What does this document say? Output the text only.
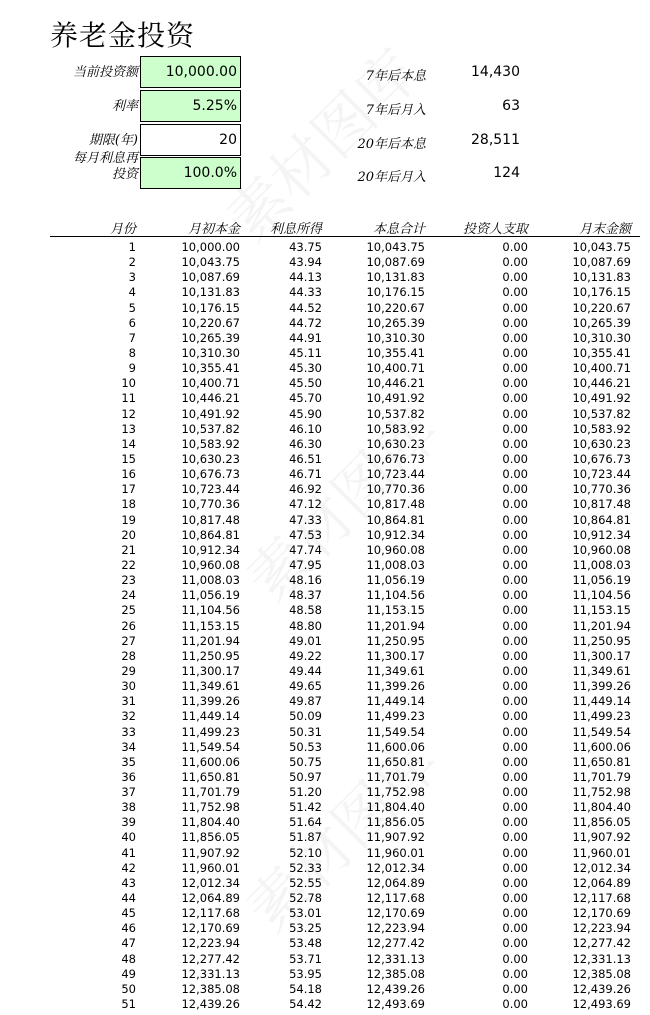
养老金投资
当前投资额	10,000.00
利率	5.25%
期限(年)	20
每月利息再
投资	100.0%
7年后本息	14,430
7年后月入	63
20年后本息	28,511
20年后月入	124
月份	月初本金	利息所得	本息合计	投资人支取	月末金额
1	10,000.00	43.75	10,043.75	0.00	10,043.75
2	10,043.75	43.94	10,087.69	0.00	10,087.69
3	10,087.69	44.13	10,131.83	0.00	10,131.83
4	10,131.83	44.33	10,176.15	0.00	10,176.15
5	10,176.15	44.52	10,220.67	0.00	10,220.67
6	10,220.67	44.72	10,265.39	0.00	10,265.39
7	10,265.39	44.91	10,310.30	0.00	10,310.30
8	10,310.30	45.11	10,355.41	0.00	10,355.41
9	10,355.41	45.30	10,400.71	0.00	10,400.71
10	10,400.71	45.50	10,446.21	0.00	10,446.21
11	10,446.21	45.70	10,491.92	0.00	10,491.92
12	10,491.92	45.90	10,537.82	0.00	10,537.82
13	10,537.82	46.10	10,583.92	0.00	10,583.92
14	10,583.92	46.30	10,630.23	0.00	10,630.23
15	10,630.23	46.51	10,676.73	0.00	10,676.73
16	10,676.73	46.71	10,723.44	0.00	10,723.44
17	10,723.44	46.92	10,770.36	0.00	10,770.36
18	10,770.36	47.12	10,817.48	0.00	10,817.48
19	10,817.48	47.33	10,864.81	0.00	10,864.81
20	10,864.81	47.53	10,912.34	0.00	10,912.34
21	10,912.34	47.74	10,960.08	0.00	10,960.08
22	10,960.08	47.95	11,008.03	0.00	11,008.03
23	11,008.03	48.16	11,056.19	0.00	11,056.19
24	11,056.19	48.37	11,104.56	0.00	11,104.56
25	11,104.56	48.58	11,153.15	0.00	11,153.15
26	11,153.15	48.80	11,201.94	0.00	11,201.94
27	11,201.94	49.01	11,250.95	0.00	11,250.95
28	11,250.95	49.22	11,300.17	0.00	11,300.17
29	11,300.17	49.44	11,349.61	0.00	11,349.61
30	11,349.61	49.65	11,399.26	0.00	11,399.26
31	11,399.26	49.87	11,449.14	0.00	11,449.14
32	11,449.14	50.09	11,499.23	0.00	11,499.23
33	11,499.23	50.31	11,549.54	0.00	11,549.54
34	11,549.54	50.53	11,600.06	0.00	11,600.06
35	11,600.06	50.75	11,650.81	0.00	11,650.81
36	11,650.81	50.97	11,701.79	0.00	11,701.79
37	11,701.79	51.20	11,752.98	0.00	11,752.98
38	11,752.98	51.42	11,804.40	0.00	11,804.40
39	11,804.40	51.64	11,856.05	0.00	11,856.05
40	11,856.05	51.87	11,907.92	0.00	11,907.92
41	11,907.92	52.10	11,960.01	0.00	11,960.01
42	11,960.01	52.33	12,012.34	0.00	12,012.34
43	12,012.34	52.55	12,064.89	0.00	12,064.89
44	12,064.89	52.78	12,117.68	0.00	12,117.68
45	12,117.68	53.01	12,170.69	0.00	12,170.69
46	12,170.69	53.25	12,223.94	0.00	12,223.94
47	12,223.94	53.48	12,277.42	0.00	12,277.42
48	12,277.42	53.71	12,331.13	0.00	12,331.13
49	12,331.13	53.95	12,385.08	0.00	12,385.08
50	12,385.08	54.18	12,439.26	0.00	12,439.26
51	12,439.26	54.42	12,493.69	0.00	12,493.69
